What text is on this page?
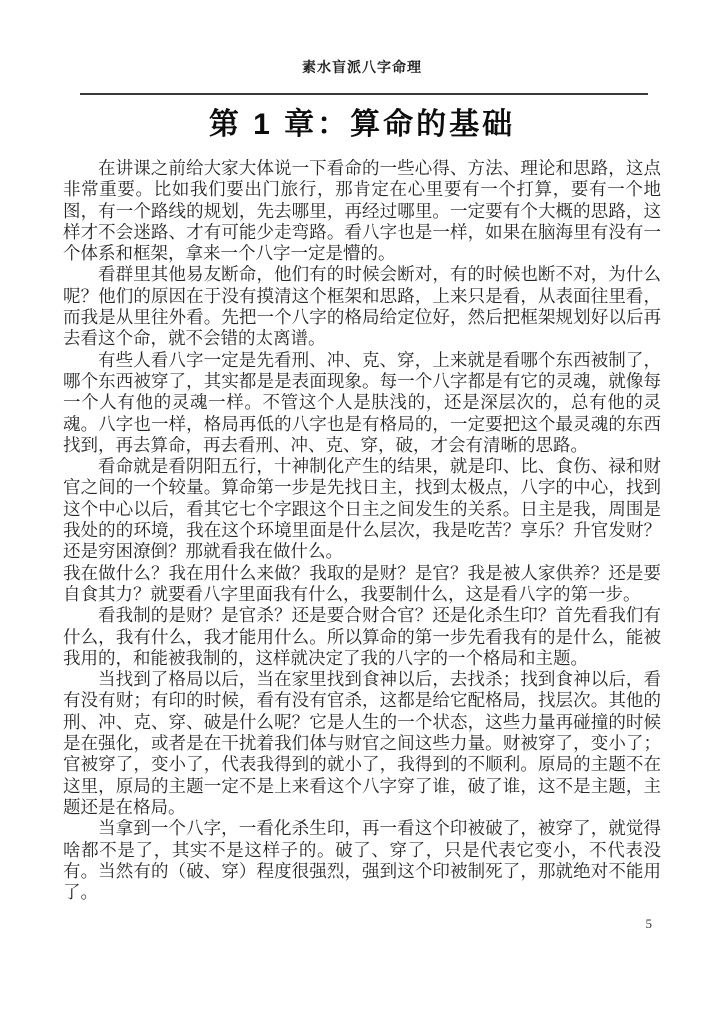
素水盲派八字命理
第 1 章：算命的基础

在讲课之前给大家大体说一下看命的一些心得、方法、理论和思路，这点非常重要。比如我们要出门旅行，那肯定在心里要有一个打算，要有一个地图，有一个路线的规划，先去哪里，再经过哪里。一定要有个大概的思路，这样才不会迷路、才有可能少走弯路。看八字也是一样，如果在脑海里有没有一个体系和框架，拿来一个八字一定是懵的。

看群里其他易友断命，他们有的时候会断对，有的时候也断不对，为什么呢？他们的原因在于没有摸清这个框架和思路，上来只是看，从表面往里看，而我是从里往外看。先把一个八字的格局给定位好，然后把框架规划好以后再去看这个命，就不会错的太离谱。

有些人看八字一定是先看刑、冲、克、穿，上来就是看哪个东西被制了，哪个东西被穿了，其实都是是表面现象。每一个八字都是有它的灵魂，就像每一个人有他的灵魂一样。不管这个人是肤浅的，还是深层次的，总有他的灵魂。八字也一样，格局再低的八字也是有格局的，一定要把这个最灵魂的东西找到，再去算命，再去看刑、冲、克、穿，破，才会有清晰的思路。

看命就是看阴阳五行，十神制化产生的结果，就是印、比、食伤、禄和财官之间的一个较量。算命第一步是先找日主，找到太极点，八字的中心，找到这个中心以后，看其它七个字跟这个日主之间发生的关系。日主是我，周围是我处的的环境，我在这个环境里面是什么层次，我是吃苦？享乐？升官发财？还是穷困潦倒？那就看我在做什么。

我在做什么？我在用什么来做？我取的是财？是官？我是被人家供养？还是要自食其力？就要看八字里面我有什么，我要制什么，这是看八字的第一步。

看我制的是财？是官杀？还是要合财合官？还是化杀生印？首先看我们有什么，我有什么，我才能用什么。所以算命的第一步先看我有的是什么，能被我用的，和能被我制的，这样就决定了我的八字的一个格局和主题。

当找到了格局以后，当在家里找到食神以后，去找杀；找到食神以后，看有没有财；有印的时候，看有没有官杀，这都是给它配格局，找层次。其他的刑、冲、克、穿、破是什么呢？它是人生的一个状态，这些力量再碰撞的时候是在强化，或者是在干扰着我们体与财官之间这些力量。财被穿了，变小了；官被穿了，变小了，代表我得到的就小了，我得到的不顺利。原局的主题不在这里，原局的主题一定不是上来看这个八字穿了谁，破了谁，这不是主题，主题还是在格局。

当拿到一个八字，一看化杀生印，再一看这个印被破了，被穿了，就觉得啥都不是了，其实不是这样子的。破了、穿了，只是代表它变小，不代表没有。当然有的（破、穿）程度很强烈，强到这个印被制死了，那就绝对不能用了。

5
